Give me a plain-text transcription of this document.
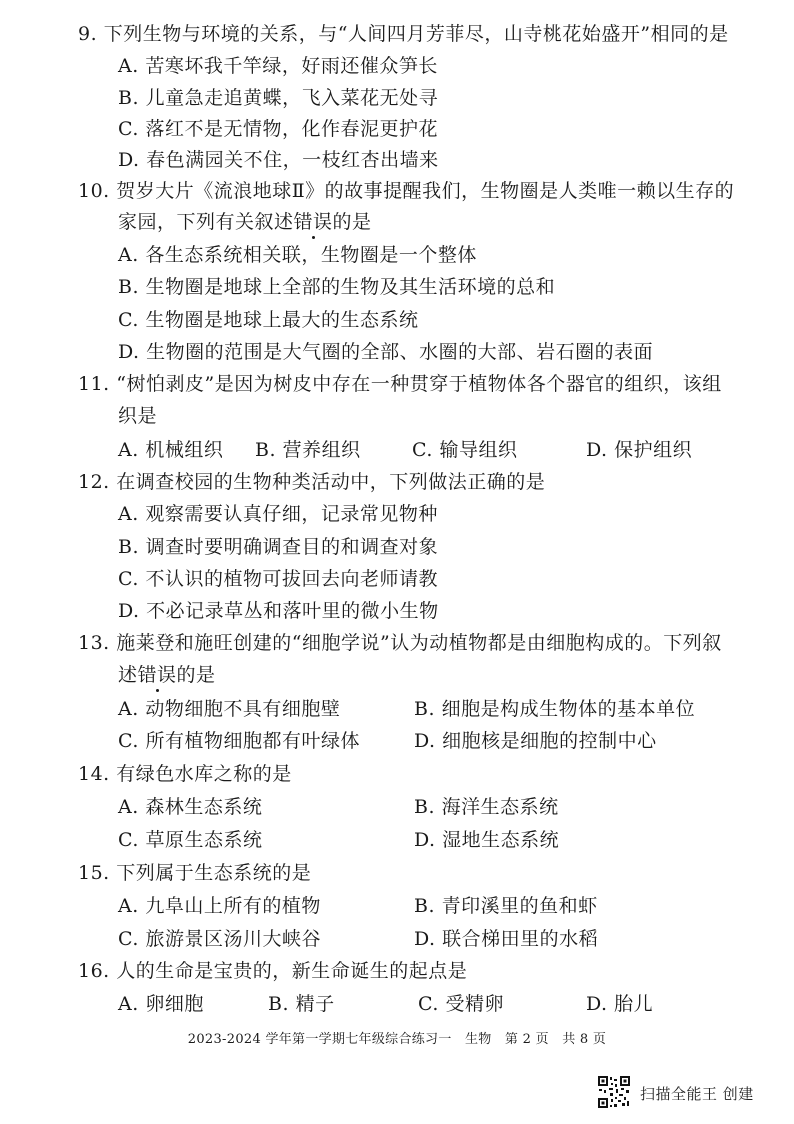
9. 下列生物与环境的关系，与“人间四月芳菲尽，山寺桃花始盛开”相同的是
A. 苦寒坏我千竿绿，好雨还催众笋长
B. 儿童急走追黄蝶，飞入菜花无处寻
C. 落红不是无情物，化作春泥更护花
D. 春色满园关不住，一枝红杏出墙来
10. 贺岁大片《流浪地球Ⅱ》的故事提醒我们，生物圈是人类唯一赖以生存的
家园，下列有关叙述错误的是
A. 各生态系统相关联，生物圈是一个整体
B. 生物圈是地球上全部的生物及其生活环境的总和
C. 生物圈是地球上最大的生态系统
D. 生物圈的范围是大气圈的全部、水圈的大部、岩石圈的表面
11. “树怕剥皮”是因为树皮中存在一种贯穿于植物体各个器官的组织，该组
织是
A. 机械组织 B. 营养组织	C. 输导组织	D. 保护组织
12. 在调查校园的生物种类活动中，下列做法正确的是
A. 观察需要认真仔细，记录常见物种
B. 调查时要明确调查目的和调查对象
C. 不认识的植物可拔回去向老师请教
D. 不必记录草丛和落叶里的微小生物
13. 施莱登和施旺创建的“细胞学说”认为动植物都是由细胞构成的。下列叙
述错误的是
A. 动物细胞不具有细胞壁	B. 细胞是构成生物体的基本单位
C. 所有植物细胞都有叶绿体	D. 细胞核是细胞的控制中心
14. 有绿色水库之称的是
A. 森林生态系统	B. 海洋生态系统
C. 草原生态系统	D. 湿地生态系统
15. 下列属于生态系统的是
A. 九阜山上所有的植物	B. 青印溪里的鱼和虾
C. 旅游景区汤川大峡谷	D. 联合梯田里的水稻
16. 人的生命是宝贵的，新生命诞生的起点是
A. 卵细胞	B. 精子	C. 受精卵	D. 胎儿
2023-2024 学年第一学期七年级综合练习一　生物　第 2 页　共 8 页
扫描全能王 创建
